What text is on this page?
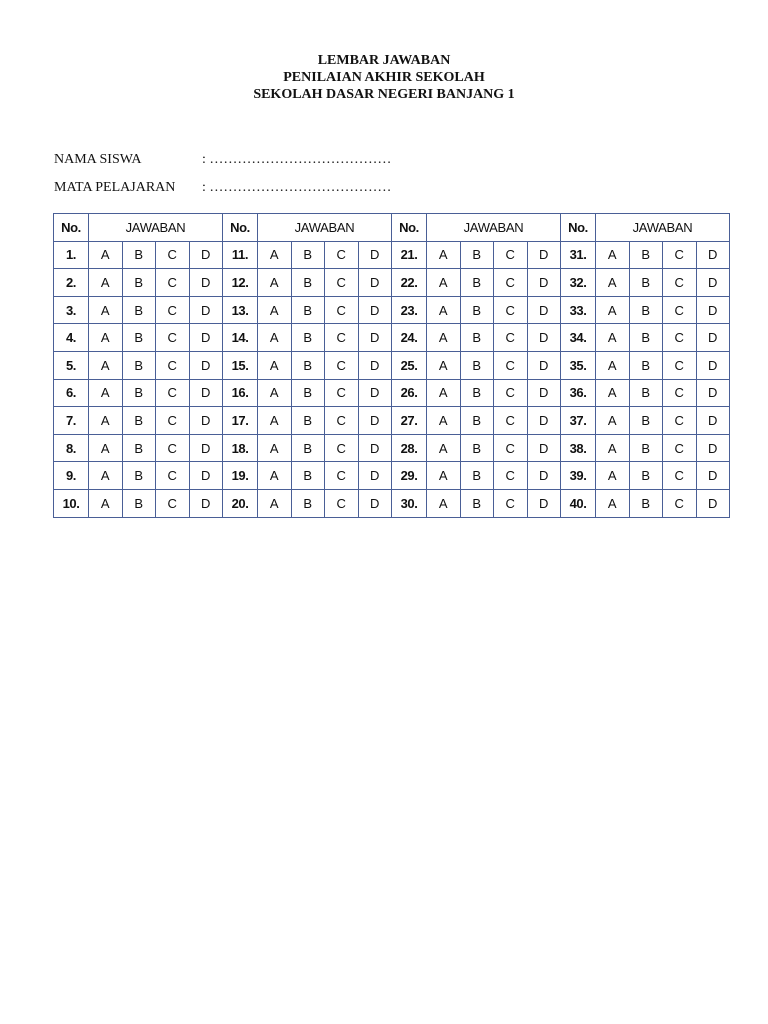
LEMBAR JAWABAN
PENILAIAN AKHIR SEKOLAH
SEKOLAH DASAR NEGERI BANJANG 1
NAMA SISWA	: …………………………………
MATA PELAJARAN	: …………………………………
No.	JAWABAN				No.	JAWABAN				No.	JAWABAN				No.	JAWABAN			
1.	A	B	C	D	11.	A	B	C	D	21.	A	B	C	D	31.	A	B	C	D
2.	A	B	C	D	12.	A	B	C	D	22.	A	B	C	D	32.	A	B	C	D
3.	A	B	C	D	13.	A	B	C	D	23.	A	B	C	D	33.	A	B	C	D
4.	A	B	C	D	14.	A	B	C	D	24.	A	B	C	D	34.	A	B	C	D
5.	A	B	C	D	15.	A	B	C	D	25.	A	B	C	D	35.	A	B	C	D
6.	A	B	C	D	16.	A	B	C	D	26.	A	B	C	D	36.	A	B	C	D
7.	A	B	C	D	17.	A	B	C	D	27.	A	B	C	D	37.	A	B	C	D
8.	A	B	C	D	18.	A	B	C	D	28.	A	B	C	D	38.	A	B	C	D
9.	A	B	C	D	19.	A	B	C	D	29.	A	B	C	D	39.	A	B	C	D
10.	A	B	C	D	20.	A	B	C	D	30.	A	B	C	D	40.	A	B	C	D
